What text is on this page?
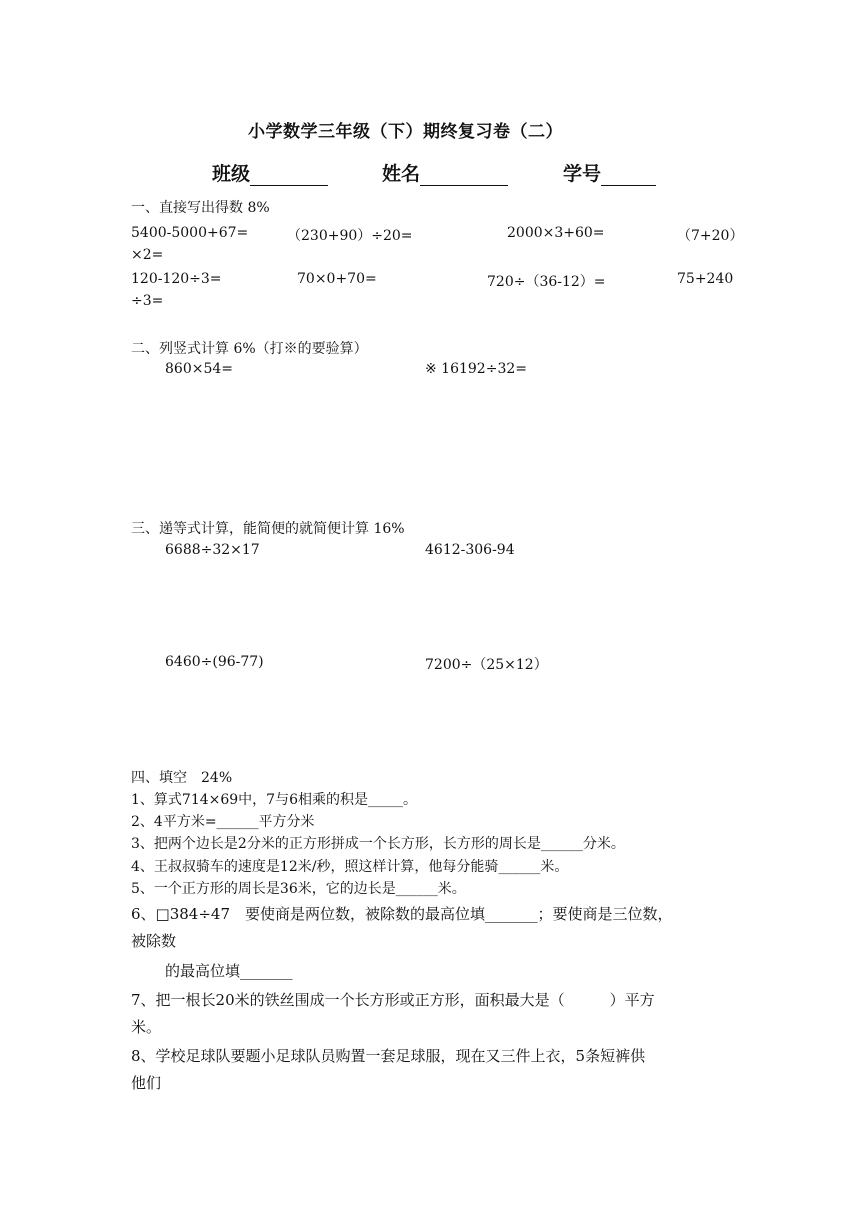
小学数学三年级（下）期终复习卷（二）
班级	姓名	学号
一、直接写出得数 8%
5400-5000+67=	（230+90）÷20=	2000×3+60=	（7+20）
×2=
120-120÷3=	70×0+70=	720÷（36-12）=	75+240
÷3=
二、列竖式计算 6%（打※的要验算）
860×54=	※ 16192÷32=
三、递等式计算，能简便的就简便计算 16%
6688÷32×17	4612-306-94
6460÷(96-77)	7200÷（25×12）
四、填空　24%
1、算式714×69中，7与6相乘的积是_____。
2、4平方米=______平方分米
3、把两个边长是2分米的正方形拼成一个长方形，长方形的周长是______分米。
4、王叔叔骑车的速度是12米/秒，照这样计算，他每分能骑______米。
5、一个正方形的周长是36米，它的边长是______米。
6、□384÷47　要使商是两位数，被除数的最高位填_______；要使商是三位数，
被除数
的最高位填_______
7、把一根长20米的铁丝围成一个长方形或正方形，面积最大是（　　　）平方
米。
8、学校足球队要题小足球队员购置一套足球服，现在又三件上衣，5条短裤供
他们
